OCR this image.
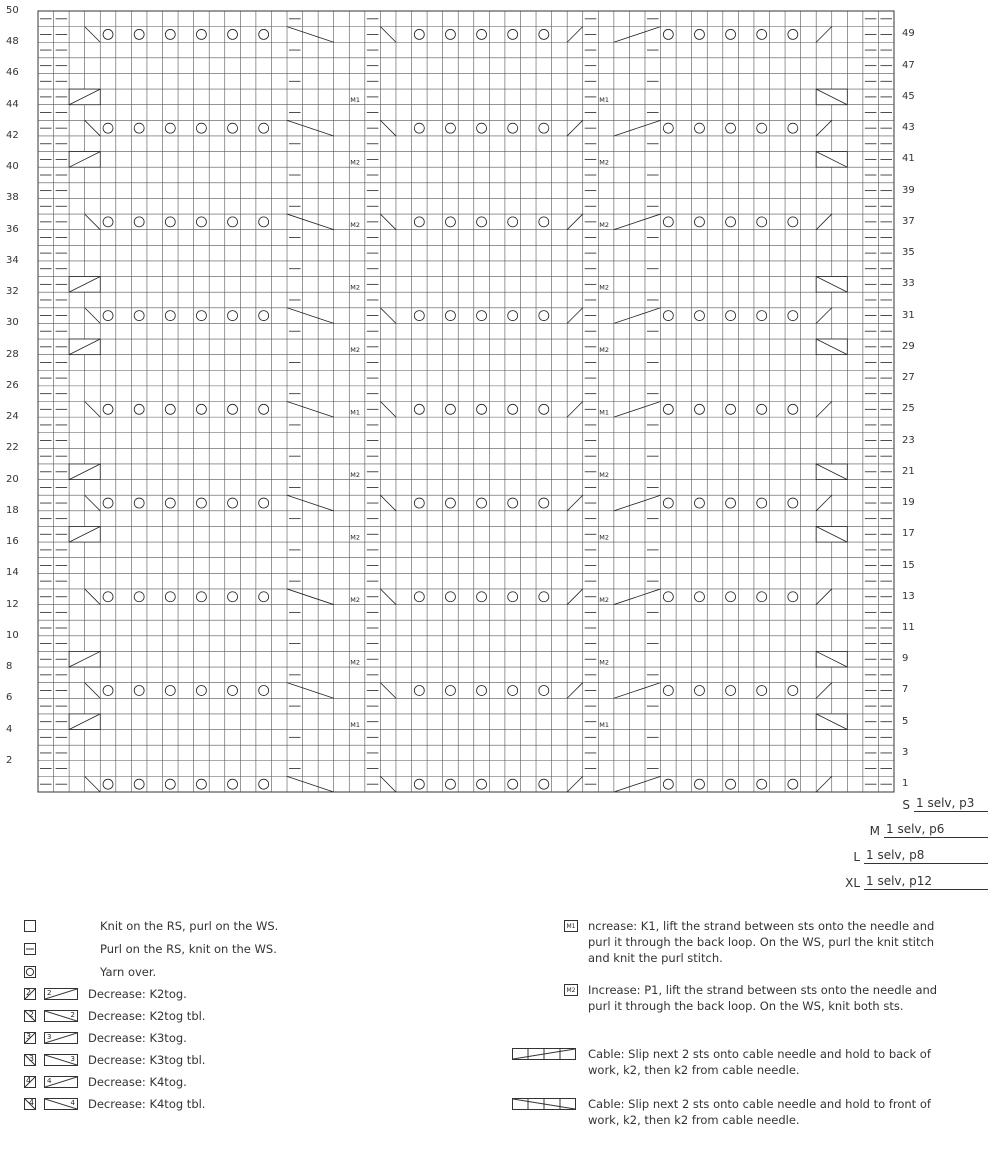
M1	M1
M1	M1
M1	M1
M2	M2
M2	M2
M2	M2
M2	M2
M2	M2
M2	M2
M2	M2
M2	M2
50
48
46
44
42
40
38
36
34
32
30
28
26
24
22
20
18
16
14
12
10
8
6
4
2
49
47
45
43
41
39
37
35
33
31
29
27
25
23
21
19
17
15
13
11
9
7
5
3
1
S 1 selv, p3
M 1 selv, p6
L 1 selv, p8
XL 1 selv, p12
Knit on the RS, purl on the WS.
Purl on the RS, knit on the WS.
Yarn over.
2 2	Decrease: K2tog.
2	2 Decrease: K2tog tbl.
3 3	Decrease: K3tog.
3	3 Decrease: K3tog tbl.
4 4	Decrease: K4tog.
4	4 Decrease: K4tog tbl.
M1 ncrease: K1, lift the strand between sts onto the needle and purl it through the back loop. On the WS, purl the knit stitch and knit the purl stitch.
M2 Increase: P1, lift the strand between sts onto the needle and purl it through the back loop. On the WS, knit both sts.
Cable: Slip next 2 sts onto cable needle and hold to back of work, k2, then k2 from cable needle.
Cable: Slip next 2 sts onto cable needle and hold to front of work, k2, then k2 from cable needle.
